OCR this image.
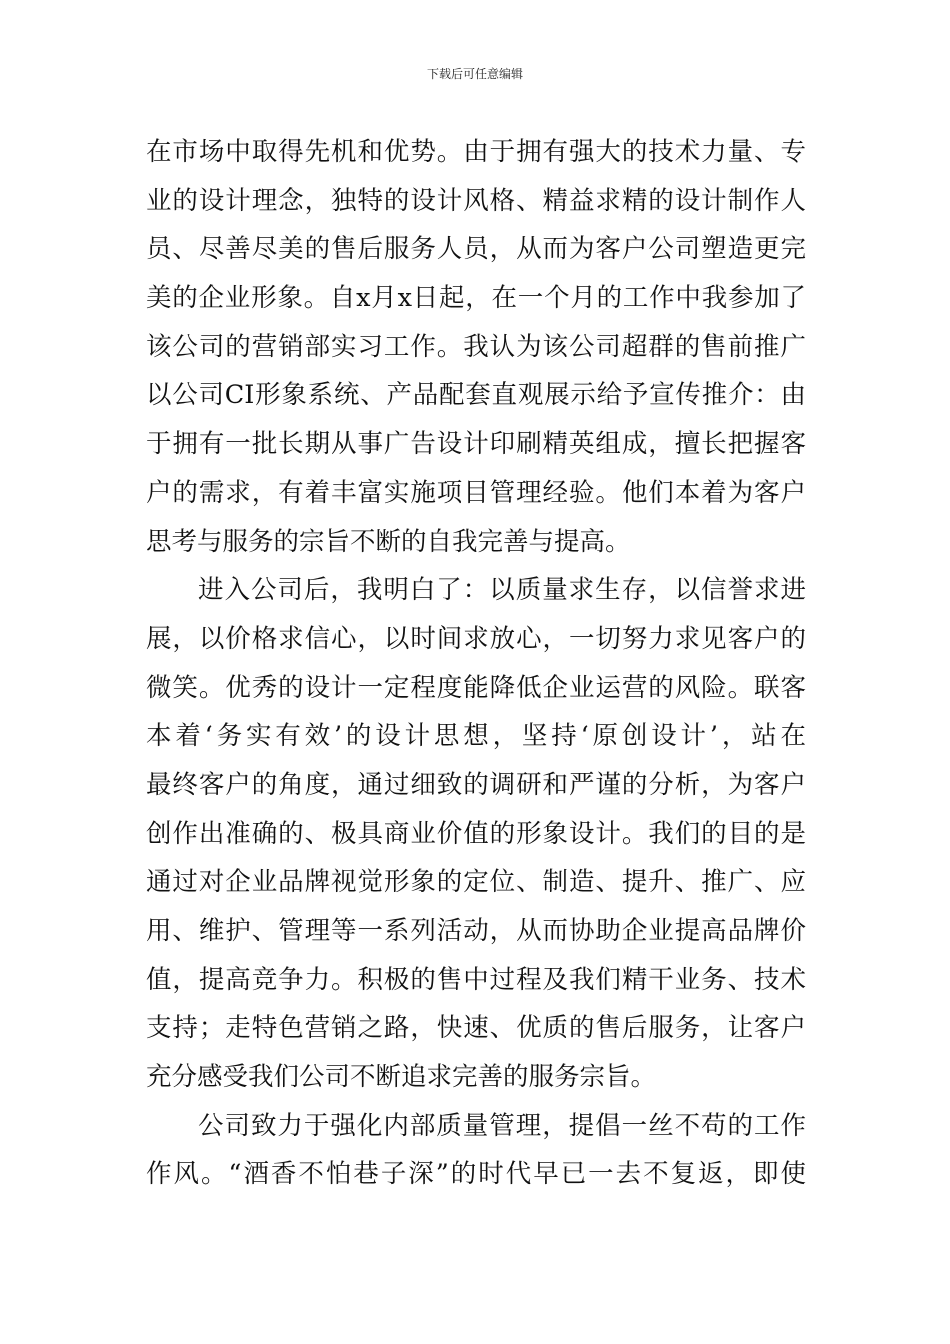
下载后可任意编辑
在市场中取得先机和优势。由于拥有强大的技术力量、专
业的设计理念，独特的设计风格、精益求精的设计制作人
员、尽善尽美的售后服务人员，从而为客户公司塑造更完
美的企业形象。自x月x日起，在一个月的工作中我参加了
该公司的营销部实习工作。我认为该公司超群的售前推广
以公司CI形象系统、产品配套直观展示给予宣传推介：由
于拥有一批长期从事广告设计印刷精英组成，擅长把握客
户的需求，有着丰富实施项目管理经验。他们本着为客户
思考与服务的宗旨不断的自我完善与提高。
进入公司后，我明白了：以质量求生存，以信誉求进
展，以价格求信心，以时间求放心，一切努力求见客户的
微笑。优秀的设计一定程度能降低企业运营的风险。联客
本着‘务实有效’的设计思想，坚持‘原创设计’，站在
最终客户的角度，通过细致的调研和严谨的分析，为客户
创作出准确的、极具商业价值的形象设计。我们的目的是
通过对企业品牌视觉形象的定位、制造、提升、推广、应
用、维护、管理等一系列活动，从而协助企业提高品牌价
值，提高竞争力。积极的售中过程及我们精干业务、技术
支持；走特色营销之路，快速、优质的售后服务，让客户
充分感受我们公司不断追求完善的服务宗旨。
公司致力于强化内部质量管理，提倡一丝不苟的工作
作风。“酒香不怕巷子深”的时代早已一去不复返，即使
